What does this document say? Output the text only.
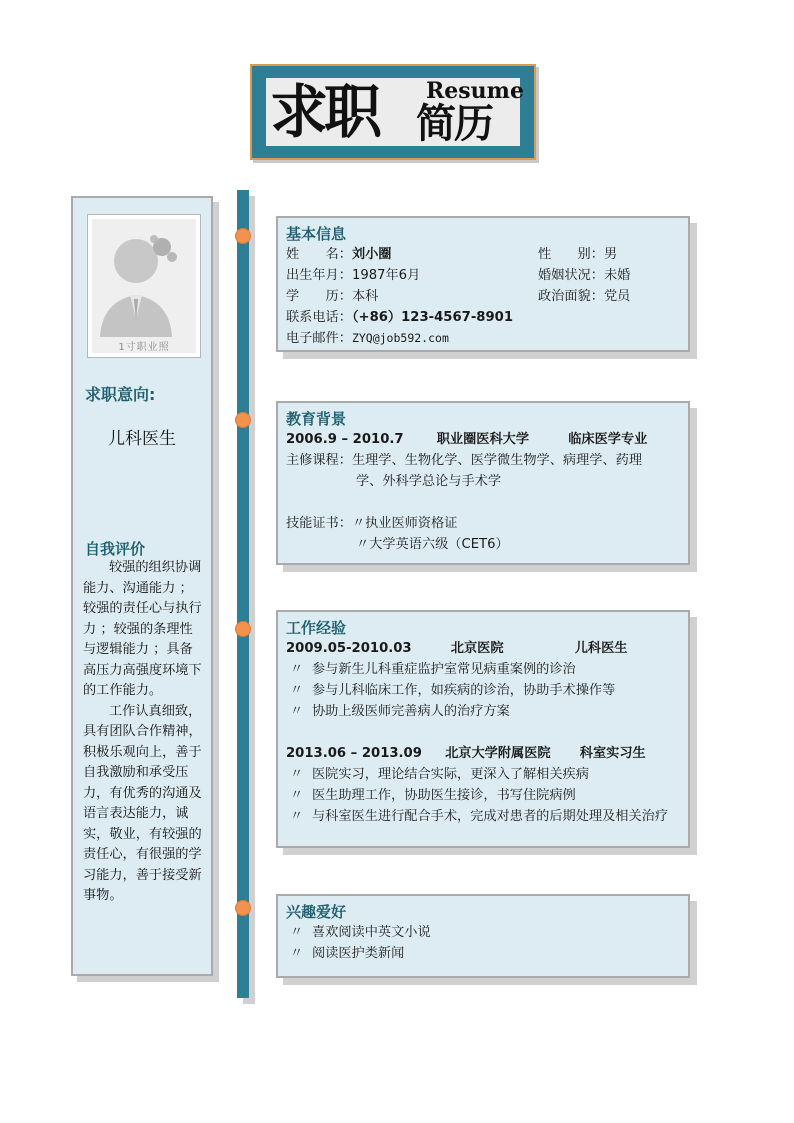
求职 Resume
简历
1寸职业照
求职意向:
儿科医生
自我评价

较强的组织协调能力、沟通能力 ；较强的责任心与执行力 ；较强的条理性与逻辑能力 ；具备高压力高强度环境下的工作能力。

工作认真细致，具有团队合作精神，积极乐观向上，善于自我激励和承受压力，有优秀的沟通及语言表达能力，诚实，敬业，有较强的责任心，有很强的学习能力，善于接受新事物。

基本信息
姓　　名：刘小圈	性　　别：男
出生年月：1987年6月	婚姻状况：未婚
学　　历：本科	政治面貌：党员
联系电话：（+86）123-4567-8901
电子邮件：ZYQ@job592.com
教育背景
2006.9 – 2010.7	职业圈医科大学	临床医学专业
主修课程：生理学、生物化学、医学微生物学、病理学、药理
学、外科学总论与手术学
技能证书：〃执业医师资格证
〃大学英语六级（CET6）
工作经验
2009.05-2010.03	北京医院	儿科医生
〃 参与新生儿科重症监护室常见病重案例的诊治
〃 参与儿科临床工作，如疾病的诊治，协助手术操作等
〃 协助上级医师完善病人的治疗方案
2013.06 – 2013.09 北京大学附属医院 科室实习生
〃 医院实习，理论结合实际，更深入了解相关疾病
〃 医生助理工作，协助医生接诊，书写住院病例
〃 与科室医生进行配合手术，完成对患者的后期处理及相关治疗
兴趣爱好
〃 喜欢阅读中英文小说
〃 阅读医护类新闻
